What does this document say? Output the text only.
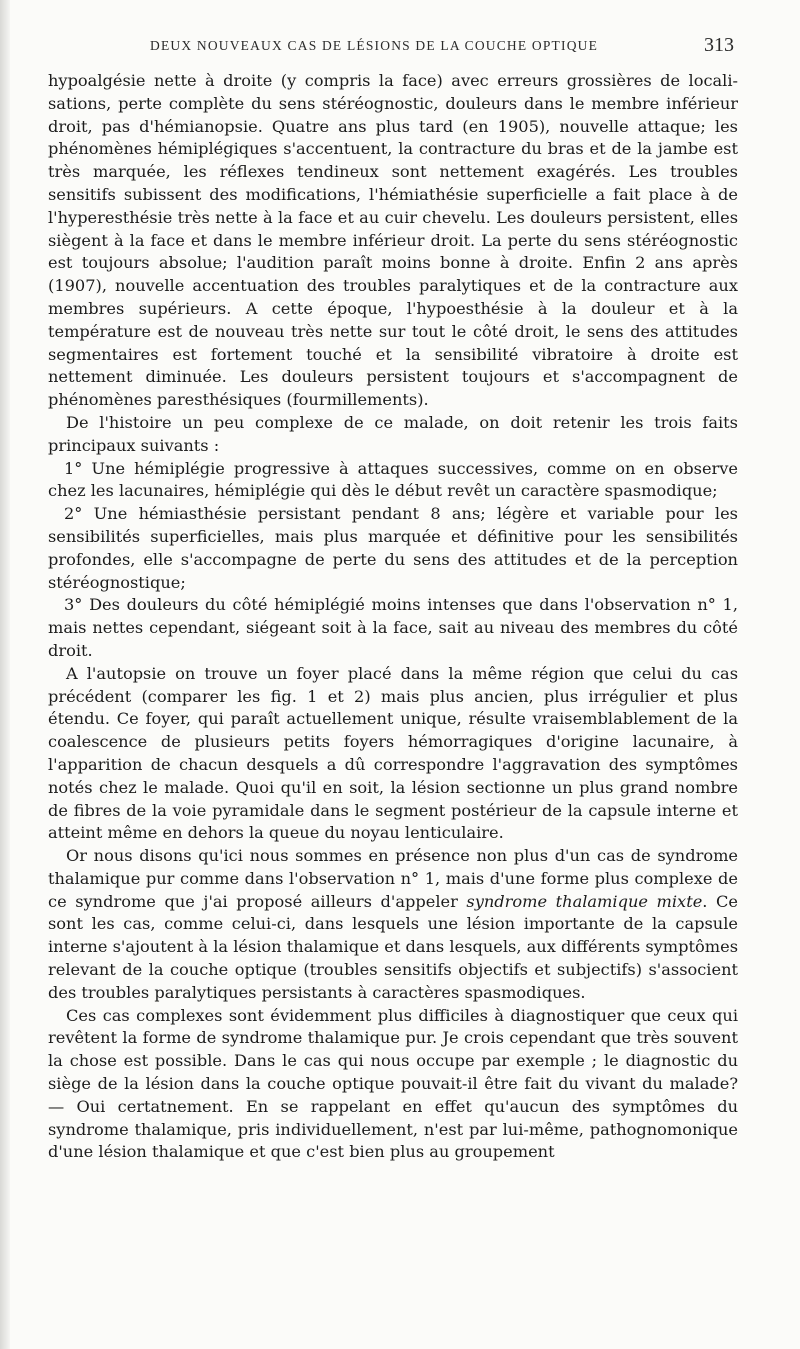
DEUX NOUVEAUX CAS DE LÉSIONS DE LA COUCHE OPTIQUE	313

hypoalgésie nette à droite (y compris la face) avec erreurs grossières de localisations, perte complète du sens stéréognostic, douleurs dans le membre inférieur droit, pas d'hémianopsie. Quatre ans plus tard (en 1905), nouvelle attaque; les phénomènes hémiplégiques s'accentuent, la contracture du bras et de la jambe est très marquée, les réflexes tendineux sont nettement exagérés. Les troubles sensitifs subissent des modifications, l'hémiathésie superficielle a fait place à de l'hyperesthésie très nette à la face et au cuir chevelu. Les douleurs persistent, elles siègent à la face et dans le membre inférieur droit. La perte du sens stéréognostic est toujours absolue; l'audition paraît moins bonne à droite. Enfin 2 ans après (1907), nouvelle accentuation des troubles paralytiques et de la contracture aux membres supérieurs. A cette époque, l'hypoesthésie à la douleur et à la température est de nouveau très nette sur tout le côté droit, le sens des attitudes segmentaires est fortement touché et la sensibilité vibratoire à droite est nettement diminuée. Les douleurs persistent toujours et s'accompagnent de phénomènes paresthésiques (fourmillements).

De l'histoire un peu complexe de ce malade, on doit retenir les trois faits principaux suivants :

1° Une hémiplégie progressive à attaques successives, comme on en observe chez les lacunaires, hémiplégie qui dès le début revêt un caractère spasmodique;

2° Une hémiasthésie persistant pendant 8 ans; légère et variable pour les sensibilités superficielles, mais plus marquée et définitive pour les sensibilités profondes, elle s'accompagne de perte du sens des attitudes et de la perception stéréognostique;

3° Des douleurs du côté hémiplégié moins intenses que dans l'observation n° 1, mais nettes cependant, siégeant soit à la face, sait au niveau des membres du côté droit.

A l'autopsie on trouve un foyer placé dans la même région que celui du cas précédent (comparer les fig. 1 et 2) mais plus ancien, plus irrégulier et plus étendu. Ce foyer, qui paraît actuellement unique, résulte vraisemblablement de la coalescence de plusieurs petits foyers hémorragiques d'origine lacunaire, à l'apparition de chacun desquels a dû correspondre l'aggravation des symptômes notés chez le malade. Quoi qu'il en soit, la lésion sectionne un plus grand nombre de fibres de la voie pyramidale dans le segment postérieur de la capsule interne et atteint même en dehors la queue du noyau lenticulaire.

Or nous disons qu'ici nous sommes en présence non plus d'un cas de syndrome thalamique pur comme dans l'observation n° 1, mais d'une forme plus complexe de ce syndrome que j'ai proposé ailleurs d'appeler syndrome thalamique mixte. Ce sont les cas, comme celui-ci, dans lesquels une lésion importante de la capsule interne s'ajoutent à la lésion thalamique et dans lesquels, aux différents symptômes relevant de la couche optique (troubles sensitifs objectifs et subjectifs) s'associent des troubles paralytiques persistants à caractères spasmodiques.

Ces cas complexes sont évidemment plus difficiles à diagnostiquer que ceux qui revêtent la forme de syndrome thalamique pur. Je crois cependant que très souvent la chose est possible. Dans le cas qui nous occupe par exemple ; le diagnostic du siège de la lésion dans la couche optique pouvait-il être fait du vivant du malade? — Oui certatnement. En se rappelant en effet qu'aucun des symptômes du syndrome thalamique, pris individuellement, n'est par lui-même, pathognomonique d'une lésion thalamique et que c'est bien plus au groupement
